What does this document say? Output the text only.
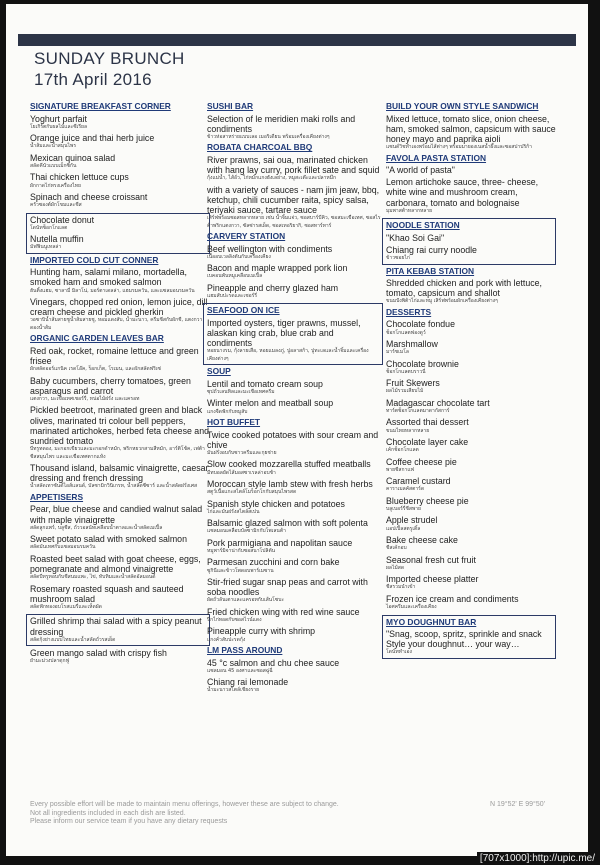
SUNDAY BRUNCH
17th April 2016
SIGNATURE BREAKFAST CORNER
Yoghurt parfait
โยเกิร์ตกับผลไม้และซีเรียล
Orange juice and thai herb juice
น้ำส้มและน้ำสมุนไพร
Mexican quinoa salad
สลัดคีนัวแบบเม็กซิกัน
Thai chicken lettuce cups
ผักกาดไก่ทรงเครื่องไทย
Spinach and cheese croissant
ครัวซองต์ผักโขมและชีส
Chocolate donut
โดนัทช็อกโกแลต
Nutella muffin
มัฟฟินนูเทลล่า
IMPORTED COLD CUT CONNER
Hunting ham, salami milano, mortadella, smoked ham and smoked salmon
ฮันติ้งแฮม, ซาลามี่ มิลาโน่, มอร์ตาเดลล่า, แฮมรมควัน, และแซลมอนรมควัน
Vinegars, chopped red onion, lemon juice, dill cream cheese and pickled gherkin
วอซาบิน้ำส้มสายชูน้ำส้มสายชู, หอมแดงสับ, น้ำมะนาว, ครีมชีสกับผักชี, แตงกวาดองน้ำส้ม
ORGANIC GARDEN LEAVES BAR
Red oak, rocket, romaine lettuce and green frisee
ผักสลัดออร์แกนิค เรดโอ๊ค, ร็อกเก็ต, โรเมน, และผักสลัดฟริเซ่
Baby cucumbers, cherry tomatoes, green asparagus and carrot
แตงกวา, มะเขือเทศเชอร์รี่, หน่อไม้ฝรั่ง และแครอท
Pickled beetroot, marinated green and black olives, marinated tri colour bell peppers, marinated artichokes, herbed feta cheese and sundried tomato
บีทรูทดอง, มะกอกเขียวและมะกอกดำหมัก, พริกหยวกสามสีหมัก, อาร์ติโช้ค, เฟต้าชีสสมุนไพร และมะเขือเทศตากแห้ง
Thousand island, balsamic vinaigrette, caesar dressing and french dressing
น้ำสลัดเทาซันด์ไอส์แลนด์, บัลซามิกวินิเกรท, น้ำสลัดซีซาร์ และน้ำสลัดฝรั่งเศส
APPETISERS
Pear, blue cheese and candied walnut salad with maple vinaigrette
สลัดลูกแพร์, บลูชีส, ถั่ววอลนัทเคลือบน้ำตาลและน้ำสลัดเมเปิ้ล
Sweet potato salad with smoked salmon
สลัดมันเทศกับแซลมอนรมควัน
Roasted beet salad with goat cheese, eggs, pomegranate and almond vinaigrette
สลัดบีทรูทอบกับชีสนมแพะ, ไข่, ทับทิมและน้ำสลัดอัลมอนด์
Rosemary roasted squash and sauteed mushroom salad
สลัดฟักทองอบโรสแมรี่และเห็ดผัด
Grilled shrimp thai salad with a spicy peanut dressing
สลัดกุ้งย่างแบบไทยและน้ำสลัดถั่วรสเผ็ด
Green mango salad with crispy fish
ยำมะม่วงปลาดุกฟู
SUSHI BAR
Selection of le meridien maki rolls and condiments
ข้าวห่อสาหร่ายแบบเลอ เมอริเดียน พร้อมเครื่องเคียงต่างๆ
ROBATA CHARCOAL BBQ
River prawns, sai oua, marinated chicken with hang lay curry, pork fillet sate and squid
กุ้งแม่น้ำ, ไส้อั่ว, ไก่หมักแกงฮังเลย่าง, หมูสะเต๊ะและปลาหมึก
with a variety of sauces - nam jim jeaw, bbq, ketchup, chili cucumber raita, spicy salsa, teriyaki sauce, tartare sauce
เสิร์ฟพร้อมซอสหลากหลาย เช่น น้ำจิ้มแจ่ว, ซอสบาร์บีคิว, ซอสมะเขือเทศ, ซอสไรต้าพริกแตงกวา, ซัลซ่ารสเผ็ด, ซอสเทอริยากิ, ซอสทาร์ทาร์
CARVERY STATION
Beef wellington with condiments
เนื้ออบเวลลิงตันกับเครื่องเคียง
Bacon and maple wrapped pork lion
เบคอนพันหมูเคลือบเมเปิ้ล
Pineapple and cherry glazed ham
แฮมสับปะรดและเชอร์รี่
SEAFOOD ON ICE
Imported oysters, tiger prawns, mussel, alaskan king crab, blue crab and condiments
หอยนางรม, กุ้งลายเสือ, หอยแมลงภู่, ปูอลาสก้า, ปูทะเลและน้ำจิ้มและเครื่องเคียงต่างๆ
SOUP
Lentil and tomato cream soup
ซุปถั่วเลนทิลและมะเขือเทศครีม
Winter melon and meatball soup
แกงจืดฟักกับหมูสับ
HOT BUFFET
Twice cooked potatoes with sour cream and chive
มันฝรั่งอบกับซาวครีมและกุยช่าย
Slow cooked mozzarella stuffed meatballs
มีทบอลยัดไส้มอสซาเรลล่าอบช้า
Moroccan style lamb stew with fresh herbs
สตูว์เนื้อแกะสไตล์โมร็อกโกกับสมุนไพรสด
Spanish style chicken and potatoes
ไก่และมันฝรั่งสไตล์สเปน
Balsamic glazed salmon with soft polenta
แซลมอนเคลือบบัลซามิกกับโพเลนต้า
Pork parmigiana and napolitan sauce
หมูพาร์มิจาน่ากับซอสนาโปลิตัน
Parmesan zucchini and corn bake
ซูกินีและข้าวโพดอบพาร์เมซาน
Stir-fried sugar snap peas and carrot with soba noodles
ผัดถั่วลันเตาและแครอทกับเส้นโซบะ
Fried chicken wing with red wine sauce
ปีกไก่ทอดกับซอสไวน์แดง
Pineapple curry with shrimp
แกงคั่วสับปะรดกุ้ง
LM PASS AROUND
45 °c salmon and chu chee sauce
แซลมอน 45 องศาและซอสฉู่ฉี่
Chiang rai lemonade
น้ำมะนาวสไตล์เชียงราย
BUILD YOUR OWN STYLE SANDWICH
Mixed lettuce, tomato slice, onion cheese, ham, smoked salmon, capsicum with sauce honey mayo and paprika aioli
แซนด์วิชทำเองพร้อมไส้ต่างๆ พร้อมมายองเนสน้ำผึ้งและซอสปาปริก้า
FAVOLA PASTA STATION
"A world of pasta"
Lemon artichoke sauce, three- cheese, white wine and mushroom cream, carbonara, tomato and bolognaise
มุมพาสต้าหลากหลาย
NOODLE STATION
"Khao Soi Gai"
Chiang rai curry noodle
ข้าวซอยไก่
PITA KEBAB STATION
Shredded chicken and pork with lettuce, tomato, capsicum and shallot
ขนมปังพิต้าไก่และหมู เสิร์ฟพร้อมผักเครื่องเคียงต่างๆ
DESSERTS
Chocolate fondue
ช็อกโกแลตฟองดูว์
Marshmallow
มาร์ชเมโล
Chocolate brownie
ช็อกโกแลตบราวนี่
Fruit Skewers
ผลไม้รวมเสียบไม้
Madagascar chocolate tart
ทาร์ตช็อกโกแลตมาดากัสการ์
Assorted thai dessert
ขนมไทยหลากหลาย
Chocolate layer cake
เค้กช็อกโกแลต
Coffee cheese pie
พายชีสกาแฟ
Caramel custard
คาราเมลคัสตาร์ด
Blueberry cheese pie
บลูเบอร์รี่ชีสพาย
Apple strudel
แอปเปิ้ลสตรูเดิ้ล
Bake cheese cake
ชีสเค้กอบ
Seasonal fresh cut fruit
ผลไม้สด
Imported cheese platter
ชีสรวมนำเข้า
Frozen ice cream and condiments
ไอศครีมและเครื่องเคียง
MYO DOUGHNUT BAR
"Snag, scoop, spritz, sprinkle and snack Style your doughnut… your way…
โดนัททำเอง
Every possible effort will be made to maintain menu offerings, however these are subject to change.
Not all ingredients included in each dish are listed.
Please inform our service team if you have any dietary requests
N 19°52' E 99°50'
[707x1000]:http://upic.me/
